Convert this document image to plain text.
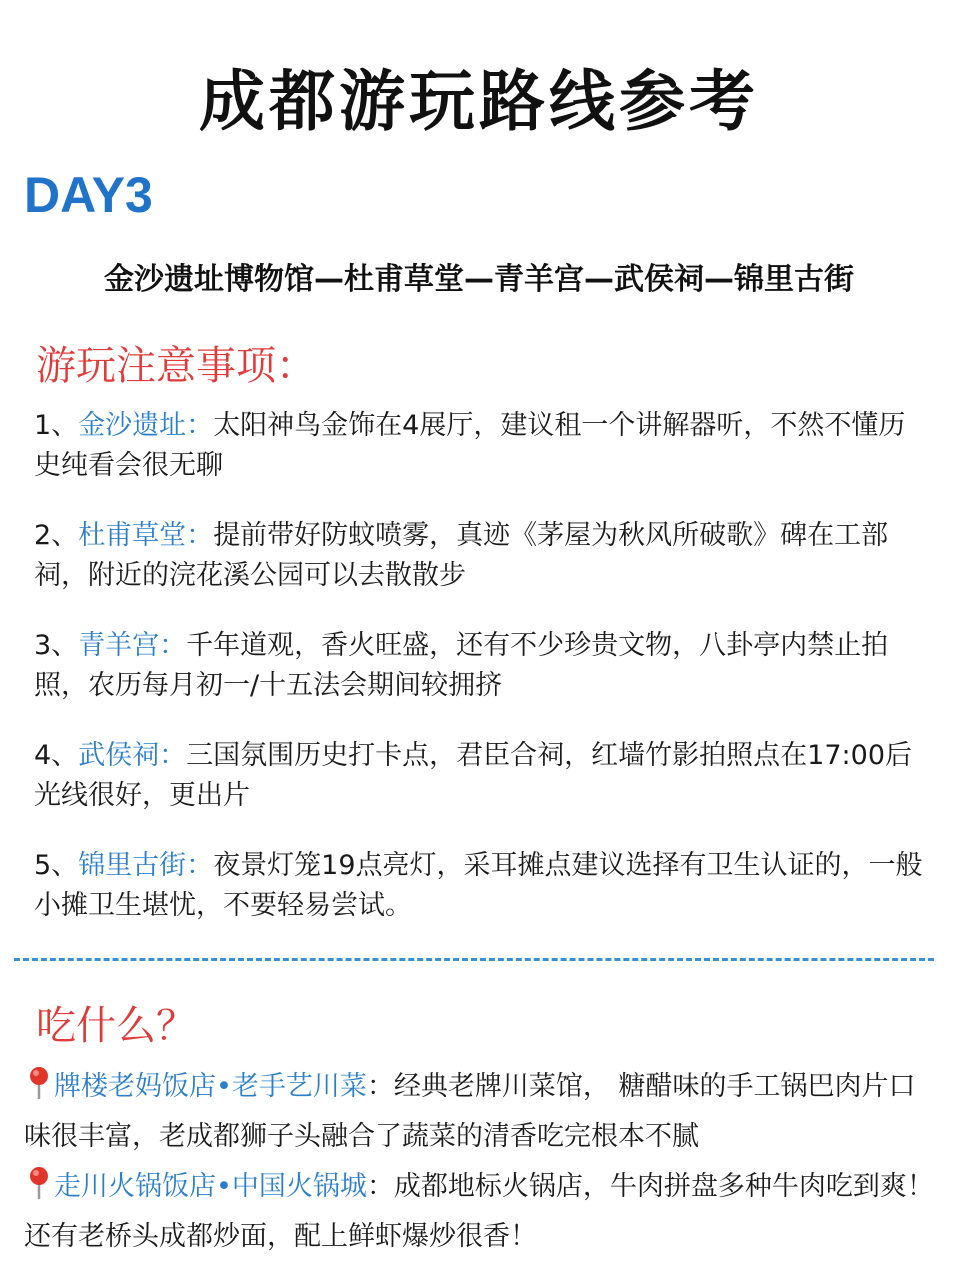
成都游玩路线参考
DAY3
金沙遗址博物馆—杜甫草堂—青羊宫—武侯祠—锦里古街
游玩注意事项：
1、金沙遗址：太阳神鸟金饰在4展厅，建议租一个讲解器听，不然不懂历史纯看会很无聊
2、杜甫草堂：提前带好防蚊喷雾，真迹《茅屋为秋风所破歌》碑在工部祠，附近的浣花溪公园可以去散散步
3、青羊宫：千年道观，香火旺盛，还有不少珍贵文物，八卦亭内禁止拍照，农历每月初一/十五法会期间较拥挤
4、武侯祠：三国氛围历史打卡点，君臣合祠，红墙竹影拍照点在17:00后光线很好，更出片
5、锦里古街：夜景灯笼19点亮灯，采耳摊点建议选择有卫生认证的，一般小摊卫生堪忧，不要轻易尝试。
吃什么？
牌楼老妈饭店•老手艺川菜：经典老牌川菜馆， 糖醋味的手工锅巴肉片口味很丰富，老成都狮子头融合了蔬菜的清香吃完根本不腻
走川火锅饭店•中国火锅城：成都地标火锅店，牛肉拼盘多种牛肉吃到爽！还有老桥头成都炒面，配上鲜虾爆炒很香！
